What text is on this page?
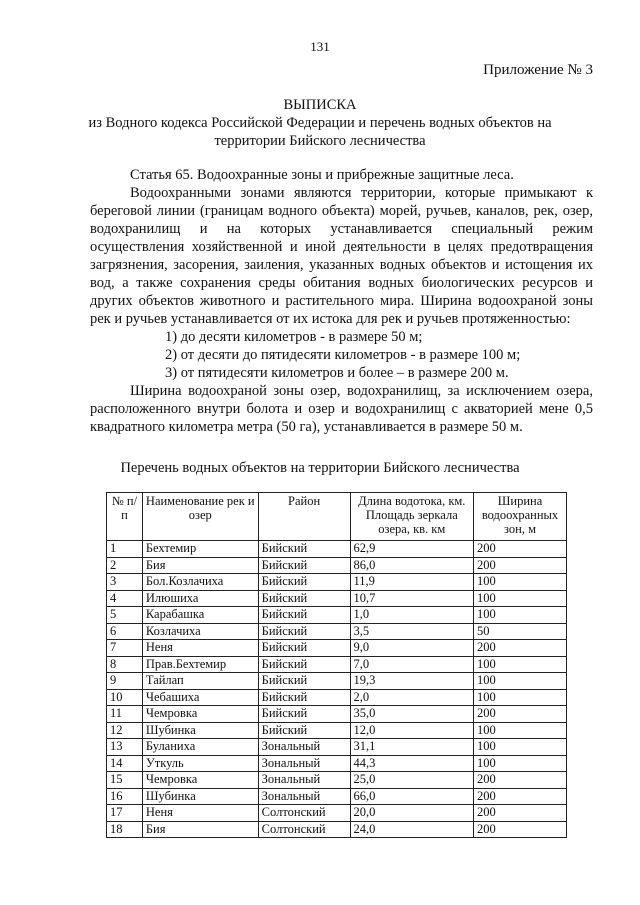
131
Приложение № 3
ВЫПИСКА
из Водного кодекса Российской Федерации и перечень водных объектов на
территории Бийского лесничества

Статья 65. Водоохранные зоны и прибрежные защитные леса.

Водоохранными зонами являются территории, которые примыкают к береговой линии (границам водного объекта) морей, ручьев, каналов, рек, озер, водохранилищ и на которых устанавливается специальный режим осуществления хозяйственной и иной деятельности в целях предотвращения загрязнения, засорения, заиления, указанных водных объектов и истощения их вод, а также сохранения среды обитания водных биологических ресурсов и других объектов животного и растительного мира. Ширина водоохраной зоны рек и ручьев устанавливается от их истока для рек и ручьев протяженностью:

1) до десяти километров - в размере 50 м;

2) от десяти до пятидесяти километров - в размере 100 м;

3) от пятидесяти километров и более – в размере 200 м.

Ширина водоохраной зоны озер, водохранилищ, за исключением озера, расположенного внутри болота и озер и водохранилищ с акваторией мене 0,5 квадратного километра метра (50 га), устанавливается в размере 50 м.

Перечень водных объектов на территории Бийского лесничества
№ п/п	Наименование рек и озер	Район	Длина водотока, км. Площадь зеркала озера, кв. км	Ширина водоохранных зон, м
1	Бехтемир	Бийский	62,9	200
2	Бия	Бийский	86,0	200
3	Бол.Козлачиха	Бийский	11,9	100
4	Илюшиха	Бийский	10,7	100
5	Карабашка	Бийский	1,0	100
6	Козлачиха	Бийский	3,5	50
7	Неня	Бийский	9,0	200
8	Прав.Бехтемир	Бийский	7,0	100
9	Тайлап	Бийский	19,3	100
10	Чебашиха	Бийский	2,0	100
11	Чемровка	Бийский	35,0	200
12	Шубинка	Бийский	12,0	100
13	Буланиха	Зональный	31,1	100
14	Уткуль	Зональный	44,3	100
15	Чемровка	Зональный	25,0	200
16	Шубинка	Зональный	66,0	200
17	Неня	Солтонский	20,0	200
18	Бия	Солтонский	24,0	200
